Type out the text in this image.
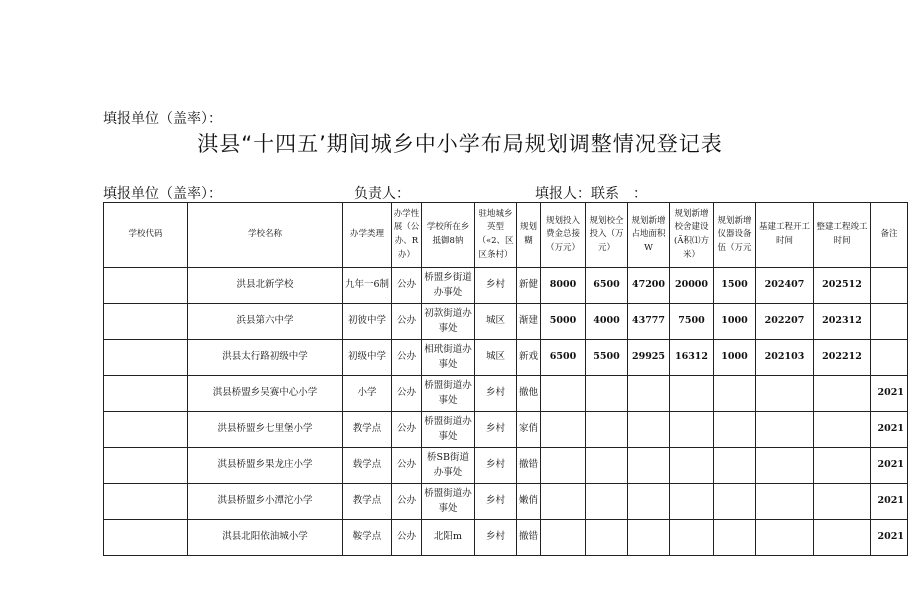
填报单位（盖率）：
淇县“十四五’期间城乡中小学布局规划调整情况登记表
填报单位（盖率）：	负责人：	填报人：联系　：
学校代码	学校名称	办学类理	办学性展（公办、R办）	学校所在乡抵御8钠	驻地城乡英型（«2、区区条村）	规划糊	规划投入费金总接（万元）	规划校仝投入（万元）	规划新增占地面积W	规划新增校舍建设(Ã积⑴方米）	规划新增仪器设备伍（万元	基建工程开工时间	整建工程竣工时间	备注
	洪县北新学校	九年一6制	公办	桥盟乡街道办事处	乡村	新健	8000	6500	47200	20000	1500	202407	202512	
	浜县第六中学	初彼中学	公办	初款街道办事处	城区	渐建	5000	4000	43777	7500	1000	202207	202312	
	洪县太行路初级中学	初级中学	公办	相玳街道办事处	城区	新戏	6500	5500	29925	16312	1000	202103	202212	
	淇县桥盟乡吴赛中心小学	小学	公办	桥盟街道办事处	乡村	撤他								2021
	洪县桥盟乡七里堡小学	教学点	公办	桥盟街道办事处	乡村	家俏								2021
	淇县桥盟乡果龙庄小学	载学点	公办	桥SB街道办事处	乡村	撤错								2021
	淇县桥盟乡小潭沱小学	教学点	公办	桥盟街道办事处	乡村	嫩俏								2021
	淇县北阳依油城小学	鞍学点	公办	北阳m	乡村	撤错								2021
